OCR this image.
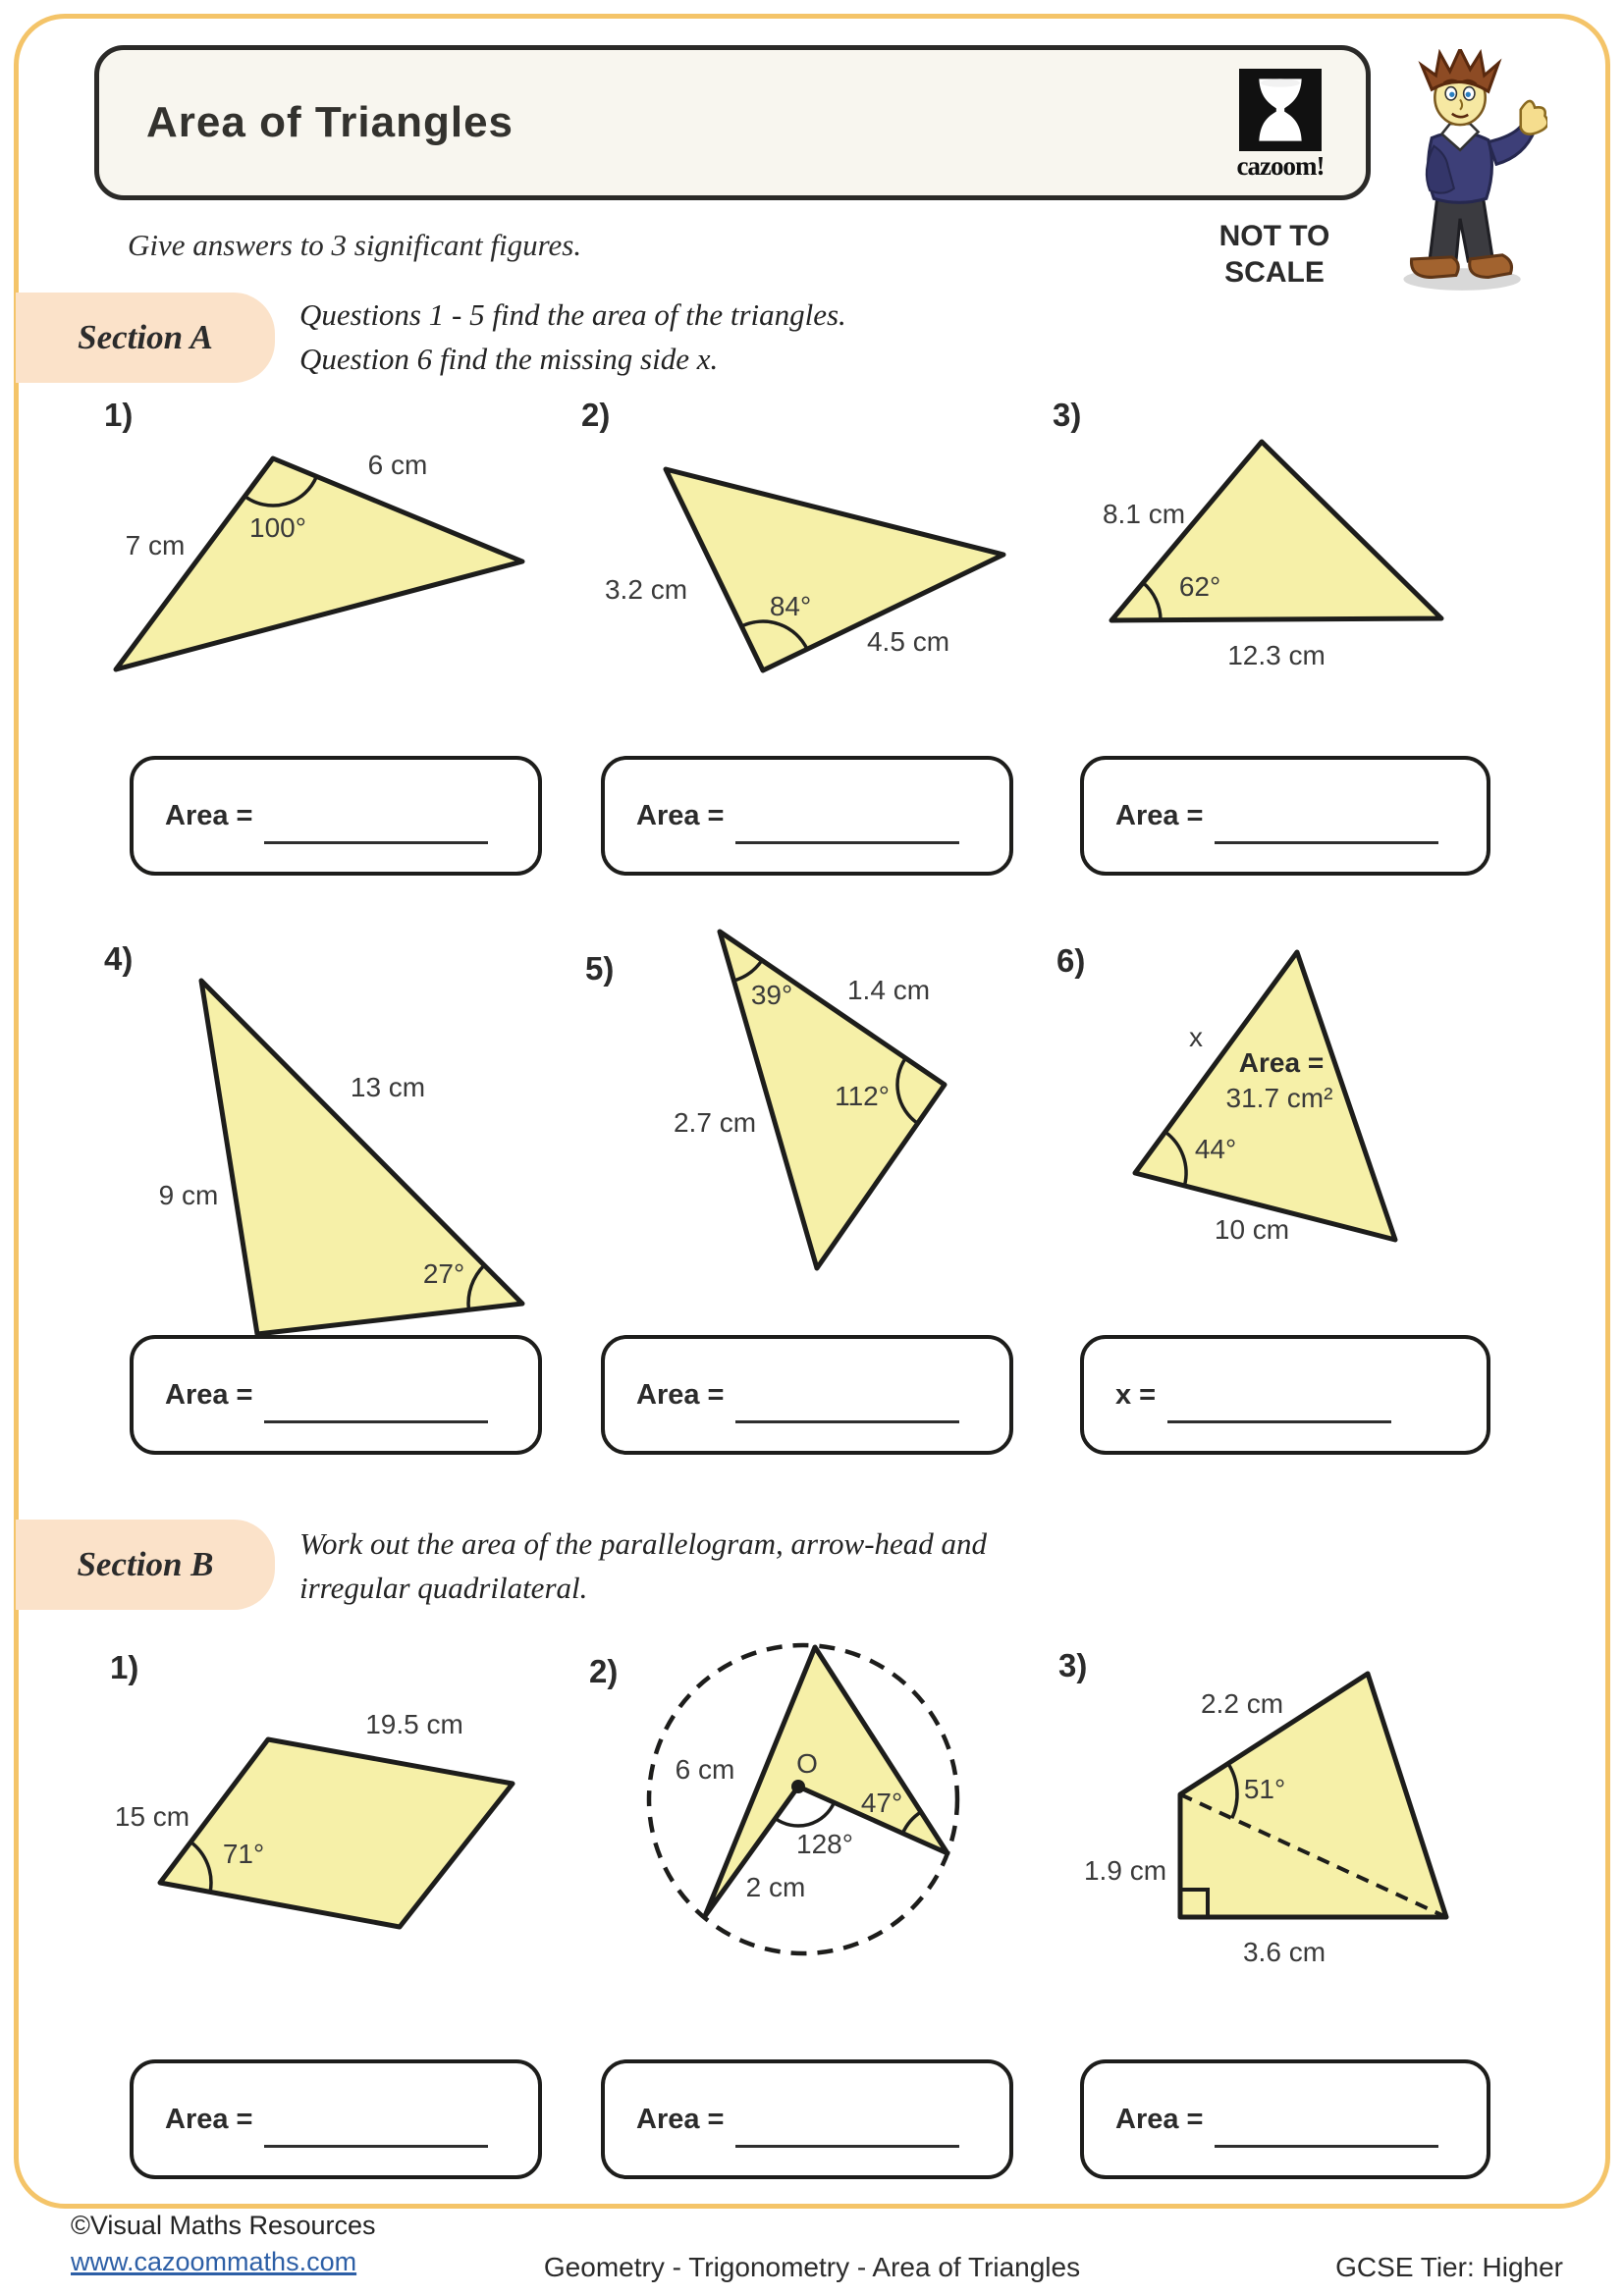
Area of Triangles
cazoom!
Give answers to 3 significant figures.	NOT TO SCALE
Section A
Questions 1 - 5 find the area of the triangles.
Question 6 find the missing side x.
1)	2)	3)
100°
6 cm
7 cm
84°
3.2 cm
4.5 cm
62°
8.1 cm
12.3 cm
Area =	Area =	Area =
4)	5)	6)
27°
13 cm
9 cm
39° 1.4 cm
112°
2.7 cm
x
Area =
31.7 cm²
44°
10 cm
Area =	Area =	x =
Section B
Work out the area of the parallelogram, arrow-head and
irregular quadrilateral.
1)	2)	3)
19.5 cm
15 cm
71°
6 cm O
47°
128°
2 cm
2.2 cm
51°
1.9 cm
3.6 cm
Area =	Area =	Area =
©Visual Maths Resources
www.cazoommaths.com	Geometry - Trigonometry - Area of Triangles	GCSE Tier: Higher
